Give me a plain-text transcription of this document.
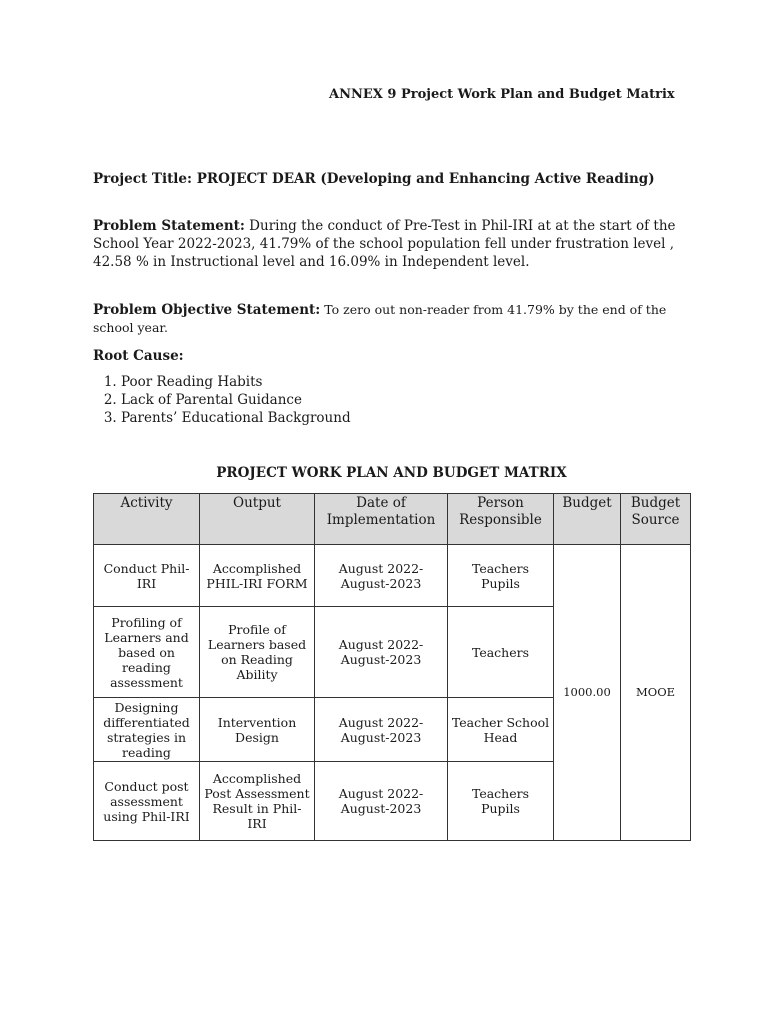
ANNEX 9 Project Work Plan and Budget Matrix
Project Title: PROJECT DEAR (Developing and Enhancing Active Reading)
Problem Statement: During the conduct of Pre-Test in Phil-IRI at at the start of the School Year 2022-2023, 41.79% of the school population fell under frustration level , 42.58 % in Instructional level and 16.09% in Independent level.
Problem Objective Statement: To zero out non-reader from 41.79% by the end of the school year.
Root Cause:
1. Poor Reading Habits
2. Lack of Parental Guidance
3. Parents’ Educational Background
PROJECT WORK PLAN AND BUDGET MATRIX
Activity	Output	Date of Implementation	Person Responsible	Budget	Budget Source
Conduct Phil-IRI	Accomplished PHIL-IRI FORM	August 2022-August-2023	Teachers Pupils	1000.00	MOOE
Profiling of Learners and based on reading assessment	Profile of Learners based on Reading Ability	August 2022-August-2023	Teachers		
Designing differentiated strategies in reading	Intervention Design	August 2022-August-2023	Teacher School Head		
Conduct post assessment using Phil-IRI	Accomplished Post Assessment Result in Phil-IRI	August 2022-August-2023	Teachers Pupils		
